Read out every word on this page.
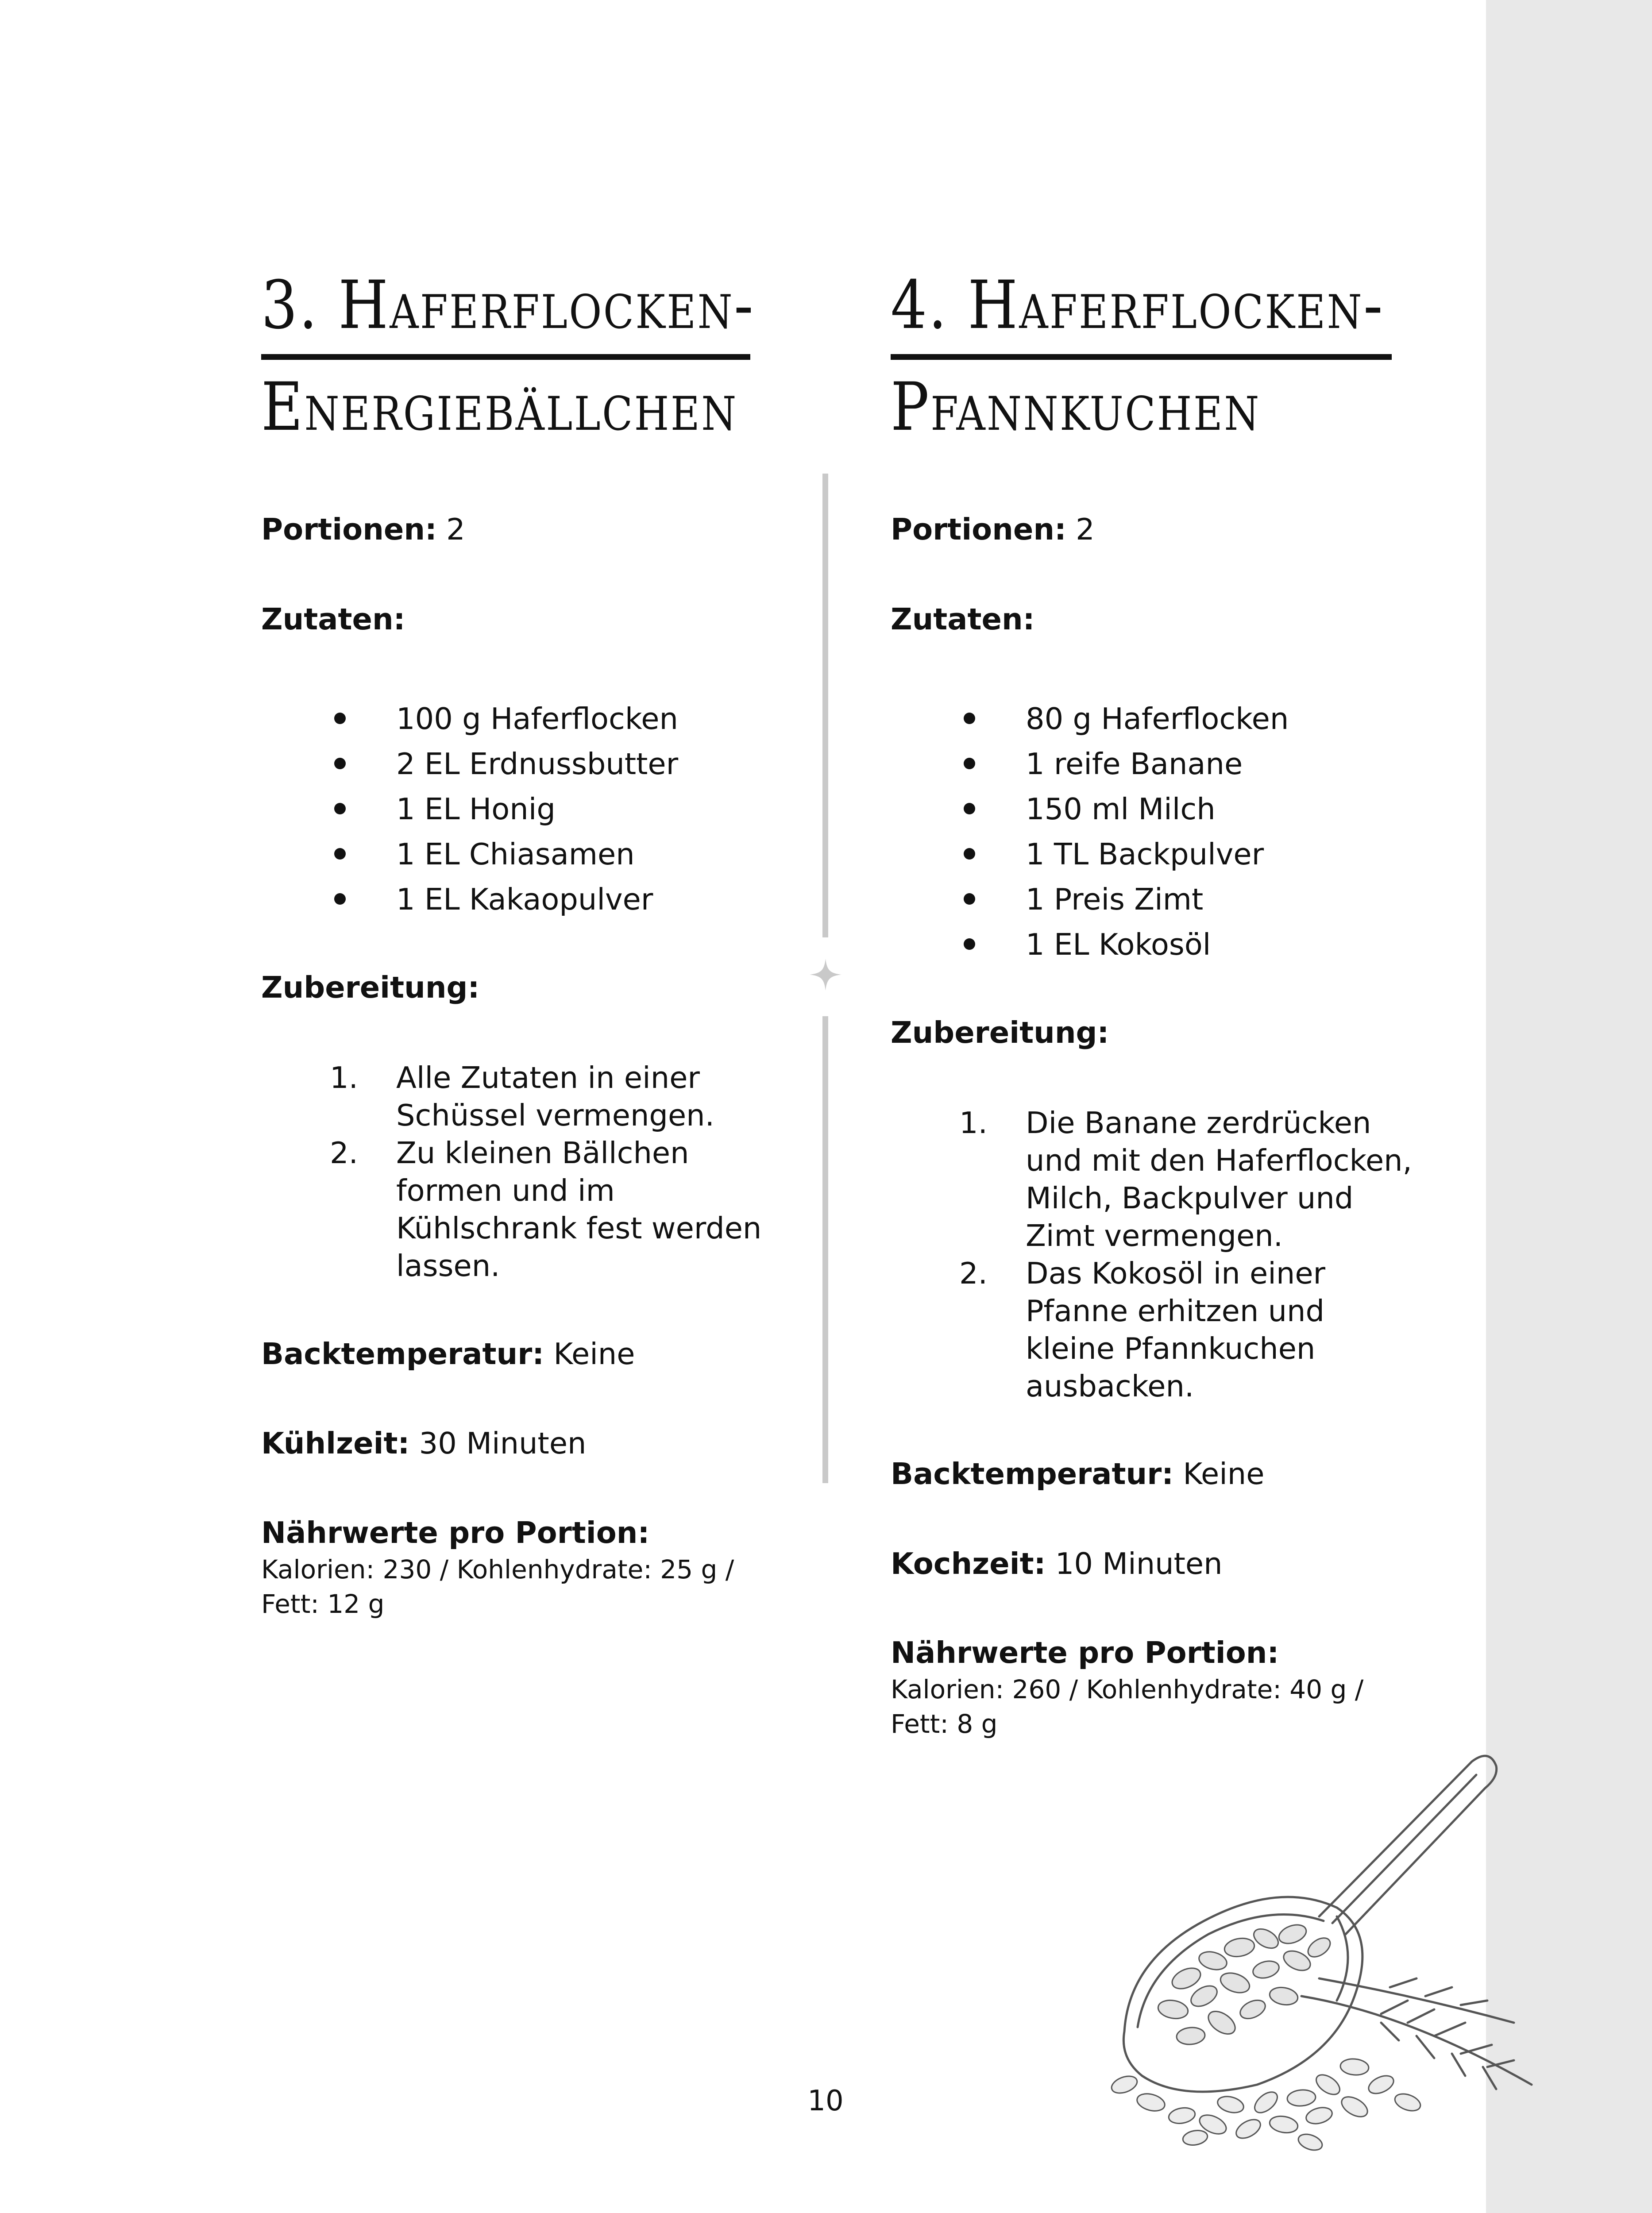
3. Haferflocken-
Energiebällchen
Portionen: 2
Zutaten:
100 g Haferflocken
2 EL Erdnussbutter
1 EL Honig
1 EL Chiasamen
1 EL Kakaopulver
Zubereitung:
1. Alle Zutaten in einer
Schüssel vermengen.
2. Zu kleinen Bällchen
formen und im
Kühlschrank fest werden
lassen.
Backtemperatur: Keine
Kühlzeit: 30 Minuten
Nährwerte pro Portion:
Kalorien: 230 / Kohlenhydrate: 25 g /
Fett: 12 g
4. Haferflocken-
Pfannkuchen
Portionen: 2
Zutaten:
80 g Haferflocken
1 reife Banane
150 ml Milch
1 TL Backpulver
1 Preis Zimt
1 EL Kokosöl
Zubereitung:
1. Die Banane zerdrücken
und mit den Haferflocken,
Milch, Backpulver und
Zimt vermengen.
2. Das Kokosöl in einer
Pfanne erhitzen und
kleine Pfannkuchen
ausbacken.
Backtemperatur: Keine
Kochzeit: 10 Minuten
Nährwerte pro Portion:
Kalorien: 260 / Kohlenhydrate: 40 g /
Fett: 8 g
10
